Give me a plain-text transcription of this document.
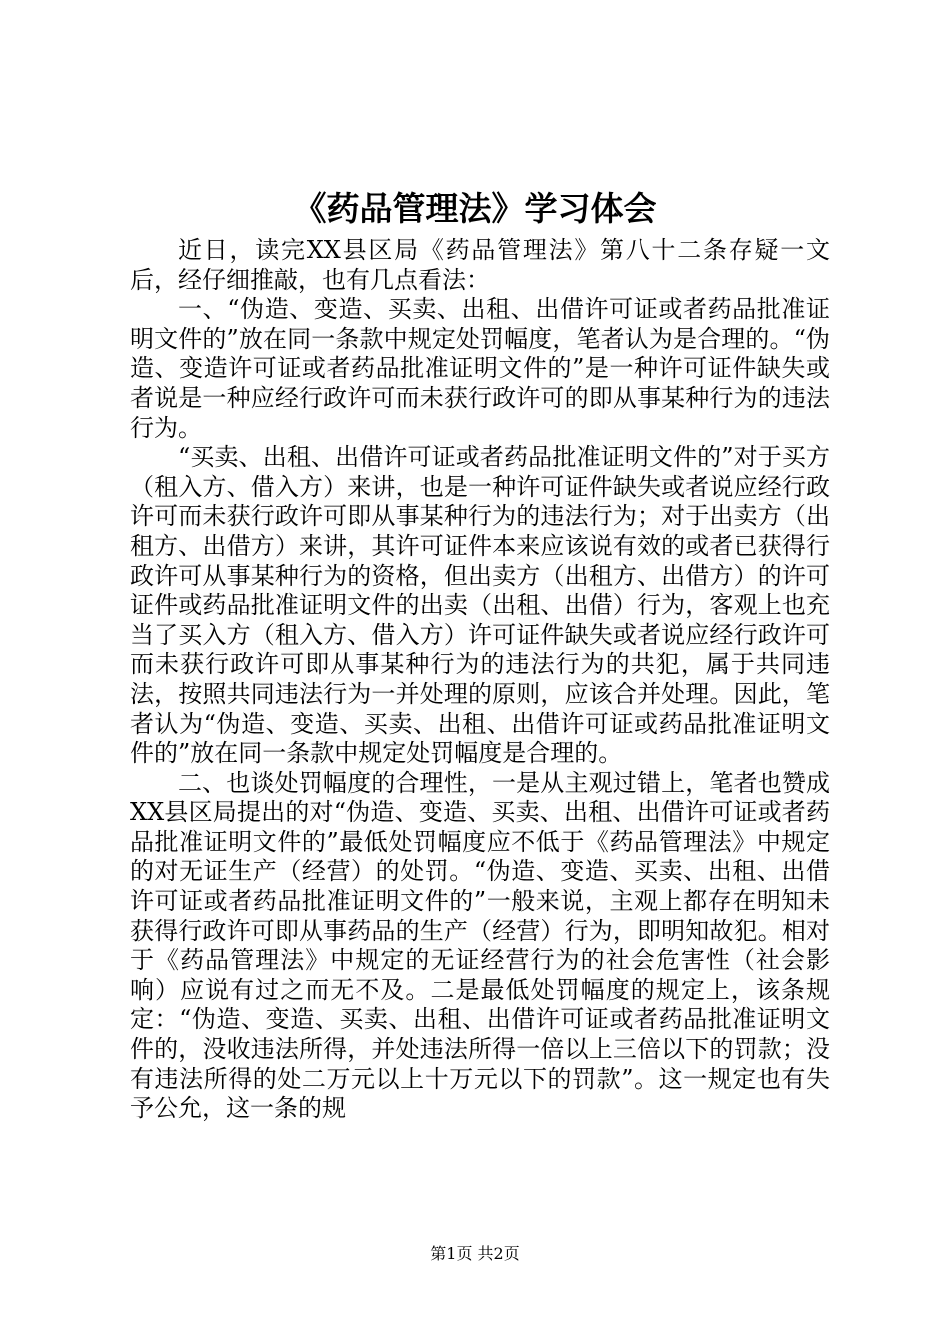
《药品管理法》学习体会

近日，读完XX县区局《药品管理法》第八十二条存疑一文后，经仔细推敲，也有几点看法：

一、“伪造、变造、买卖、出租、出借许可证或者药品批准证明文件的”放在同一条款中规定处罚幅度，笔者认为是合理的。“伪造、变造许可证或者药品批准证明文件的”是一种许可证件缺失或者说是一种应经行政许可而未获行政许可的即从事某种行为的违法行为。

“买卖、出租、出借许可证或者药品批准证明文件的”对于买方（租入方、借入方）来讲，也是一种许可证件缺失或者说应经行政许可而未获行政许可即从事某种行为的违法行为；对于出卖方（出租方、出借方）来讲，其许可证件本来应该说有效的或者已获得行政许可从事某种行为的资格，但出卖方（出租方、出借方）的许可证件或药品批准证明文件的出卖（出租、出借）行为，客观上也充当了买入方（租入方、借入方）许可证件缺失或者说应经行政许可而未获行政许可即从事某种行为的违法行为的共犯，属于共同违法，按照共同违法行为一并处理的原则，应该合并处理。因此，笔者认为“伪造、变造、买卖、出租、出借许可证或药品批准证明文件的”放在同一条款中规定处罚幅度是合理的。

二、也谈处罚幅度的合理性，一是从主观过错上，笔者也赞成XX县区局提出的对“伪造、变造、买卖、出租、出借许可证或者药品批准证明文件的”最低处罚幅度应不低于《药品管理法》中规定的对无证生产（经营）的处罚。“伪造、变造、买卖、出租、出借许可证或者药品批准证明文件的”一般来说，主观上都存在明知未获得行政许可即从事药品的生产（经营）行为，即明知故犯。相对于《药品管理法》中规定的无证经营行为的社会危害性（社会影响）应说有过之而无不及。二是最低处罚幅度的规定上，该条规定：“伪造、变造、买卖、出租、出借许可证或者药品批准证明文件的，没收违法所得，并处违法所得一倍以上三倍以下的罚款；没有违法所得的处二万元以上十万元以下的罚款”。这一规定也有失予公允，这一条的规

第1页 共2页
